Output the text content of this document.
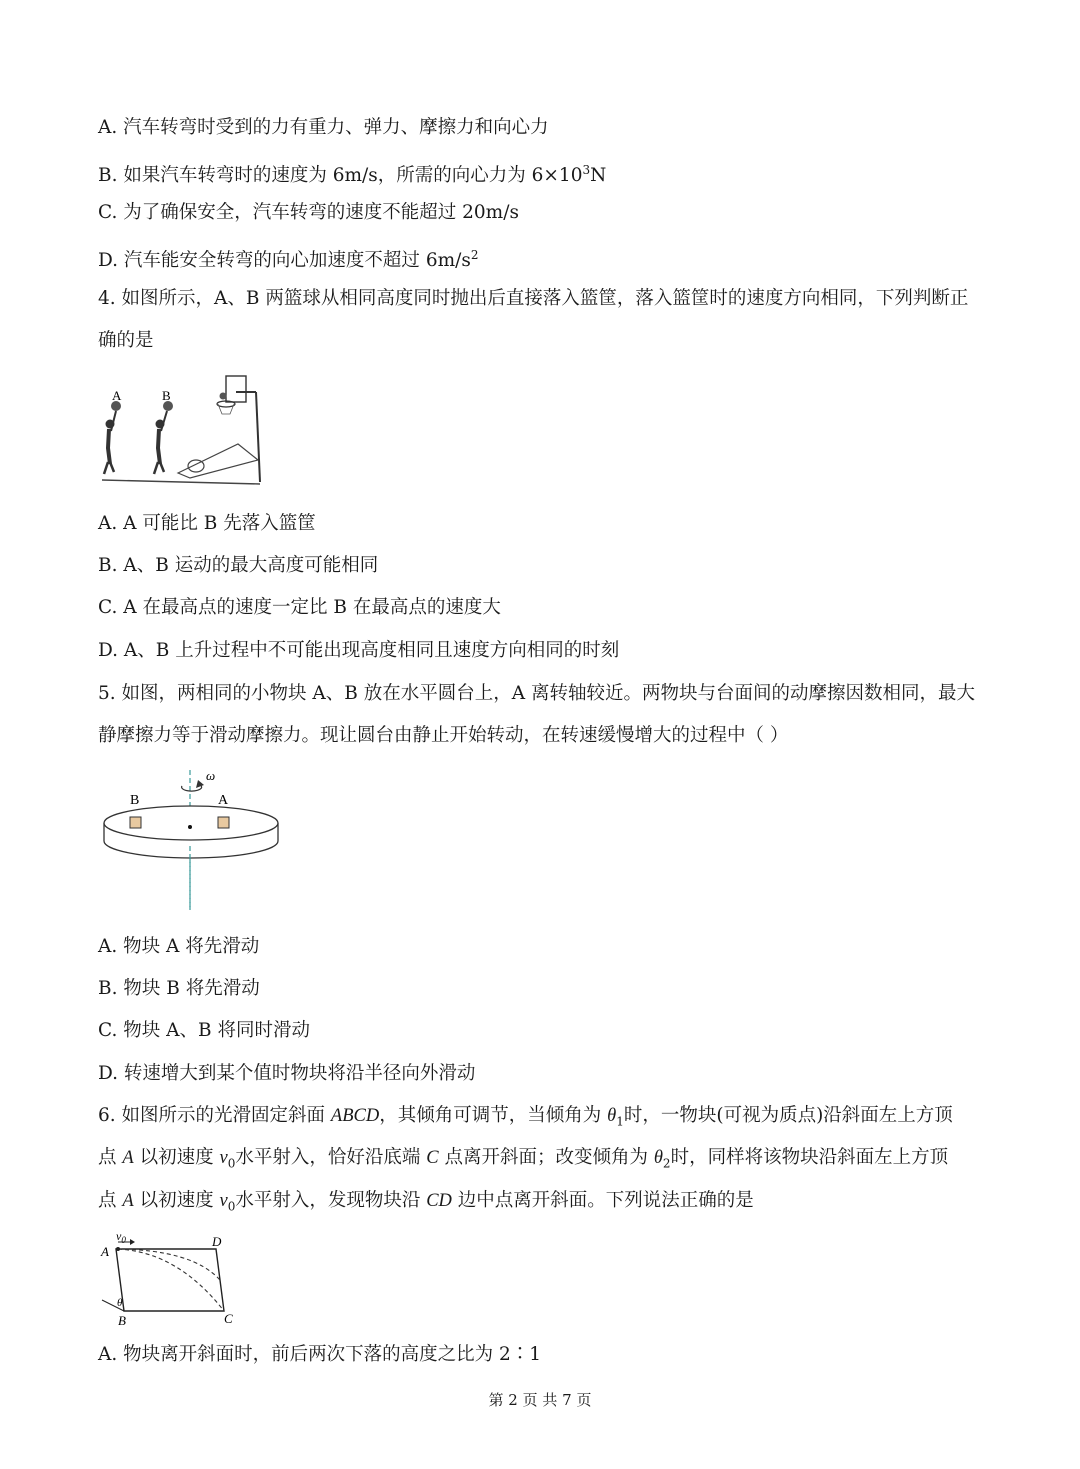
A. 汽车转弯时受到的力有重力、弹力、摩擦力和向心力
B. 如果汽车转弯时的速度为 6m/s，所需的向心力为 $6\times 10^3N$
C. 为了确保安全，汽车转弯的速度不能超过 20m/s
D. 汽车能安全转弯的向心加速度不超过 $6m/s^2$
4. 如图所示，A、B 两篮球从相同高度同时抛出后直接落入篮筐，落入篮筐时的速度方向相同，下列判断正
确的是
A	B
A. A 可能比 B 先落入篮筐
B. A、B 运动的最大高度可能相同
C. A 在最高点的速度一定比 B 在最高点的速度大
D. A、B 上升过程中不可能出现高度相同且速度方向相同的时刻
5. 如图，两相同的小物块 A、B 放在水平圆台上，A 离转轴较近。两物块与台面间的动摩擦因数相同，最大
静摩擦力等于滑动摩擦力。现让圆台由静止开始转动，在转速缓慢增大的过程中（ ）
ω
B	A
A. 物块 A 将先滑动
B. 物块 B 将先滑动
C. 物块 A、B 将同时滑动
D. 转速增大到某个值时物块将沿半径向外滑动
6. 如图所示的光滑固定斜面 ABCD，其倾角可调节，当倾角为 $\theta_1$时，一物块(可视为质点)沿斜面左上方顶
点 A 以初速度 $v_0$水平射入，恰好沿底端 C 点离开斜面；改变倾角为 $\theta_2$时，同样将该物块沿斜面左上方顶
点 A 以初速度 $v_0$水平射入，发现物块沿 CD 边中点离开斜面。下列说法正确的是
$v_0$
A
D
B	C
θ
A. 物块离开斜面时，前后两次下落的高度之比为 2∶1
第 2 页 共 7 页
